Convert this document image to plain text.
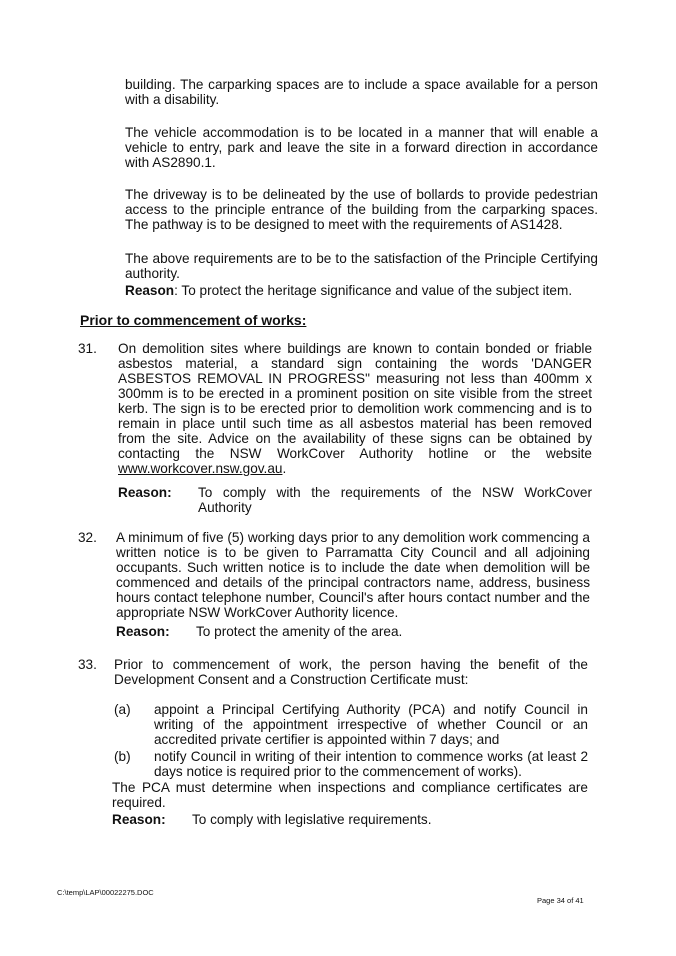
building. The carparking spaces are to include a space available for a person with a disability.
The vehicle accommodation is to be located in a manner that will enable a vehicle to entry, park and leave the site in a forward direction in accordance with AS2890.1.
The driveway is to be delineated by the use of bollards to provide pedestrian access to the principle entrance of the building from the carparking spaces. The pathway is to be designed to meet with the requirements of AS1428.
The above requirements are to be to the satisfaction of the Principle Certifying authority.
Reason: To protect the heritage significance and value of the subject item.
Prior to commencement of works:
31. On demolition sites where buildings are known to contain bonded or friable asbestos material, a standard sign containing the words 'DANGER ASBESTOS REMOVAL IN PROGRESS" measuring not less than 400mm x 300mm is to be erected in a prominent position on site visible from the street kerb. The sign is to be erected prior to demolition work commencing and is to remain in place until such time as all asbestos material has been removed from the site. Advice on the availability of these signs can be obtained by contacting the NSW WorkCover Authority hotline or the website www.workcover.nsw.gov.au.
Reason: To comply with the requirements of the NSW WorkCover Authority
32. A minimum of five (5) working days prior to any demolition work commencing a written notice is to be given to Parramatta City Council and all adjoining occupants. Such written notice is to include the date when demolition will be commenced and details of the principal contractors name, address, business hours contact telephone number, Council's after hours contact number and the appropriate NSW WorkCover Authority licence.
Reason: To protect the amenity of the area.
33. Prior to commencement of work, the person having the benefit of the Development Consent and a Construction Certificate must:
(a) appoint a Principal Certifying Authority (PCA) and notify Council in writing of the appointment irrespective of whether Council or an accredited private certifier is appointed within 7 days; and
(b) notify Council in writing of their intention to commence works (at least 2 days notice is required prior to the commencement of works).
The PCA must determine when inspections and compliance certificates are required.
Reason: To comply with legislative requirements.
C:\temp\LAP\00022275.DOC
Page 34 of 41
